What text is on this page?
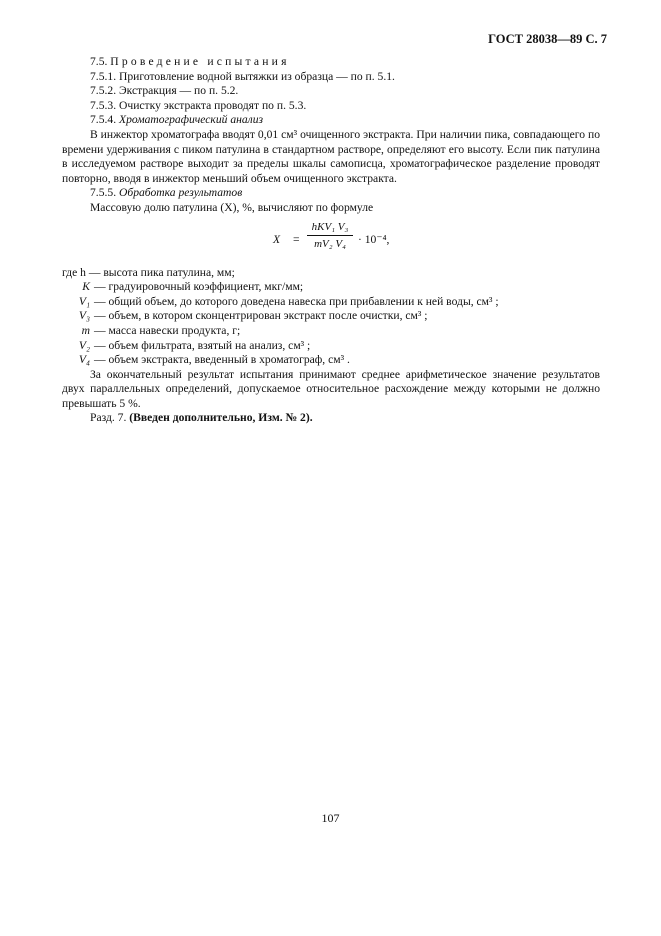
ГОСТ 28038—89 С. 7

7.5. Проведение испытания

7.5.1. Приготовление водной вытяжки из образца — по п. 5.1.

7.5.2. Экстракция — по п. 5.2.

7.5.3. Очистку экстракта проводят по п. 5.3.

7.5.4. Хроматографический анализ

В инжектор хроматографа вводят 0,01 см³ очищенного экстракта. При наличии пика, совпадающего по времени удерживания с пиком патулина в стандартном растворе, определяют его высоту. Если пик патулина в исследуемом растворе выходит за пределы шкалы самописца, хроматографическое разделение проводят повторно, вводя в инжектор меньший объем очищенного экстракта.

7.5.5. Обработка результатов

Массовую долю патулина (X), %, вычисляют по формуле

X =
hKV₁ V₃
mV₂ V₄	· 10⁻⁴,
где h — высота пика патулина, мм;
K — градуировочный коэффициент, мкг/мм;
V₁ — общий объем, до которого доведена навеска при прибавлении к ней воды, см³ ;
V₃ — объем, в котором сконцентрирован экстракт после очистки, см³ ;
m — масса навески продукта, г;
V₂ — объем фильтрата, взятый на анализ, см³ ;
V₄ — объем экстракта, введенный в хроматограф, см³ .

За окончательный результат испытания принимают среднее арифметическое значение результатов двух параллельных определений, допускаемое относительное расхождение между которыми не должно превышать 5 %.

Разд. 7. (Введен дополнительно, Изм. № 2).

107
